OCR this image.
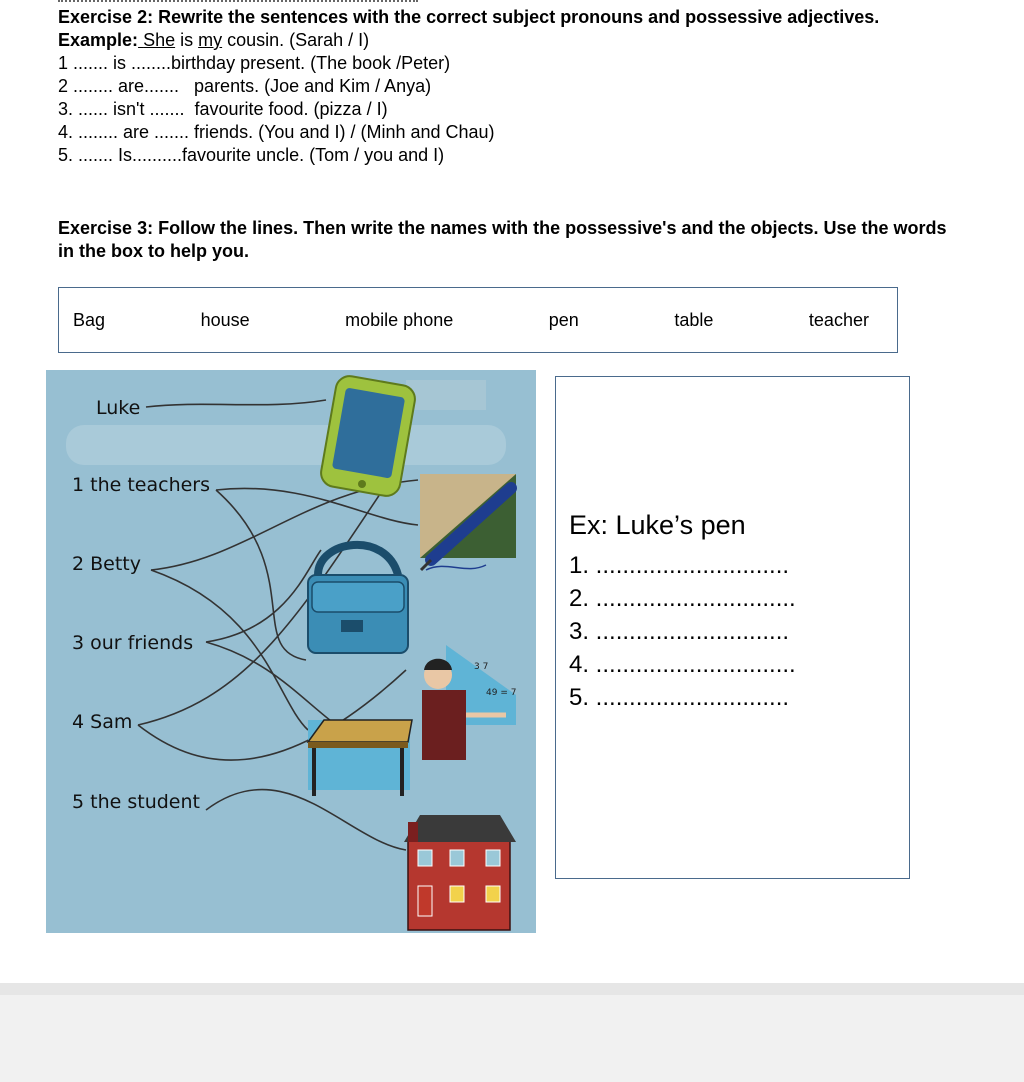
Exercise 2: Rewrite the sentences with the correct subject pronouns and possessive adjectives.
Example: She is my cousin. (Sarah / I)
1 ....... is ........birthday present. (The book /Peter)
2 ........ are.......   parents. (Joe and Kim / Anya)
3. ...... isn't .......  favourite food. (pizza / I)
4. ........ are ....... friends. (You and I) / (Minh and Chau)
5. ....... Is..........favourite uncle. (Tom / you and I)
Exercise 3: Follow the lines. Then write the names with the possessive's and the objects. Use the words in the box to help you.
Bag	house	mobile phone	pen	table	teacher
3 7
49 = 7
Luke
1 the teachers
2 Betty
3 our friends
4 Sam
5 the student
Ex: Luke’s pen
1. .............................
2. ..............................
3. .............................
4. ..............................
5. .............................
